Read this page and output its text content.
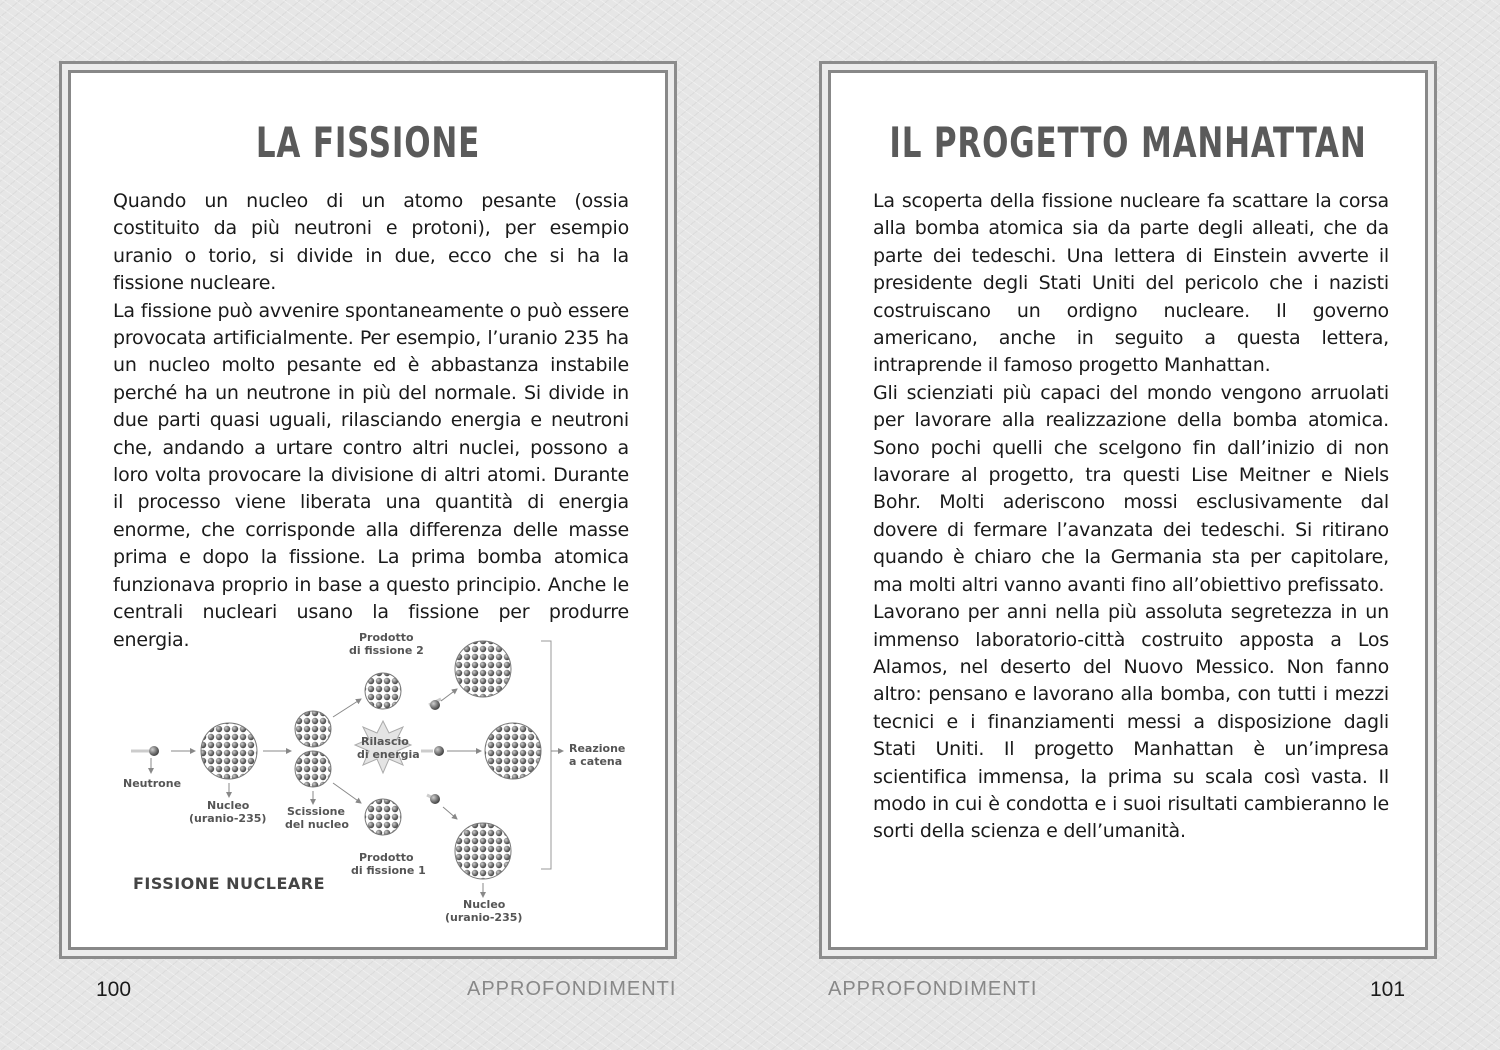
LA FISSIONE

Quando un nucleo di un atomo pesante (ossia costituito da più neutroni e protoni), per esempio uranio o torio, si divide in due, ecco che si ha la fissione nucleare.

La fissione può avvenire spontaneamente o può essere provocata artificialmente. Per esempio, l’uranio 235 ha un nucleo molto pesante ed è abbastanza instabile perché ha un neutrone in più del normale. Si divide in due parti quasi uguali, rilasciando energia e neutroni che, andando a urtare contro altri nuclei, possono a loro volta provocare la divisione di altri atomi. Durante il processo viene liberata una quantità di energia enorme, che corrisponde alla differenza delle masse prima e dopo la fissione. La prima bomba atomica funzionava proprio in base a questo principio. Anche le centrali nucleari usano la fissione per produrre energia.

Neutrone
Nucleo
(uranio-235)
Scissione
del nucleo
Rilascio
di energia
Prodotto
di fissione 2
Prodotto
di fissione 1
Nucleo
(uranio-235)
Reazione
a catena
FISSIONE NUCLEARE
100	APPROFONDIMENTI
IL PROGETTO MANHATTAN

La scoperta della fissione nucleare fa scattare la corsa alla bomba atomica sia da parte degli alleati, che da parte dei tedeschi. Una lettera di Einstein avverte il presidente degli Stati Uniti del pericolo che i nazisti costruiscano un ordigno nucleare. Il governo americano, anche in seguito a questa lettera, intraprende il famoso progetto Manhattan.

Gli scienziati più capaci del mondo vengono arruolati per lavorare alla realizzazione della bomba atomica. Sono pochi quelli che scelgono fin dall’inizio di non lavorare al progetto, tra questi Lise Meitner e Niels Bohr. Molti aderiscono mossi esclusivamente dal dovere di fermare l’avanzata dei tedeschi. Si ritirano quando è chiaro che la Germania sta per capitolare, ma molti altri vanno avanti fino all’obiettivo prefissato.

Lavorano per anni nella più assoluta segretezza in un immenso laboratorio-città costruito apposta a Los Alamos, nel deserto del Nuovo Messico. Non fanno altro: pensano e lavorano alla bomba, con tutti i mezzi tecnici e i finanziamenti messi a disposizione dagli Stati Uniti. Il progetto Manhattan è un’impresa scientifica immensa, la prima su scala così vasta. Il modo in cui è condotta e i suoi risultati cambieranno le sorti della scienza e dell’umanità.

APPROFONDIMENTI	101
